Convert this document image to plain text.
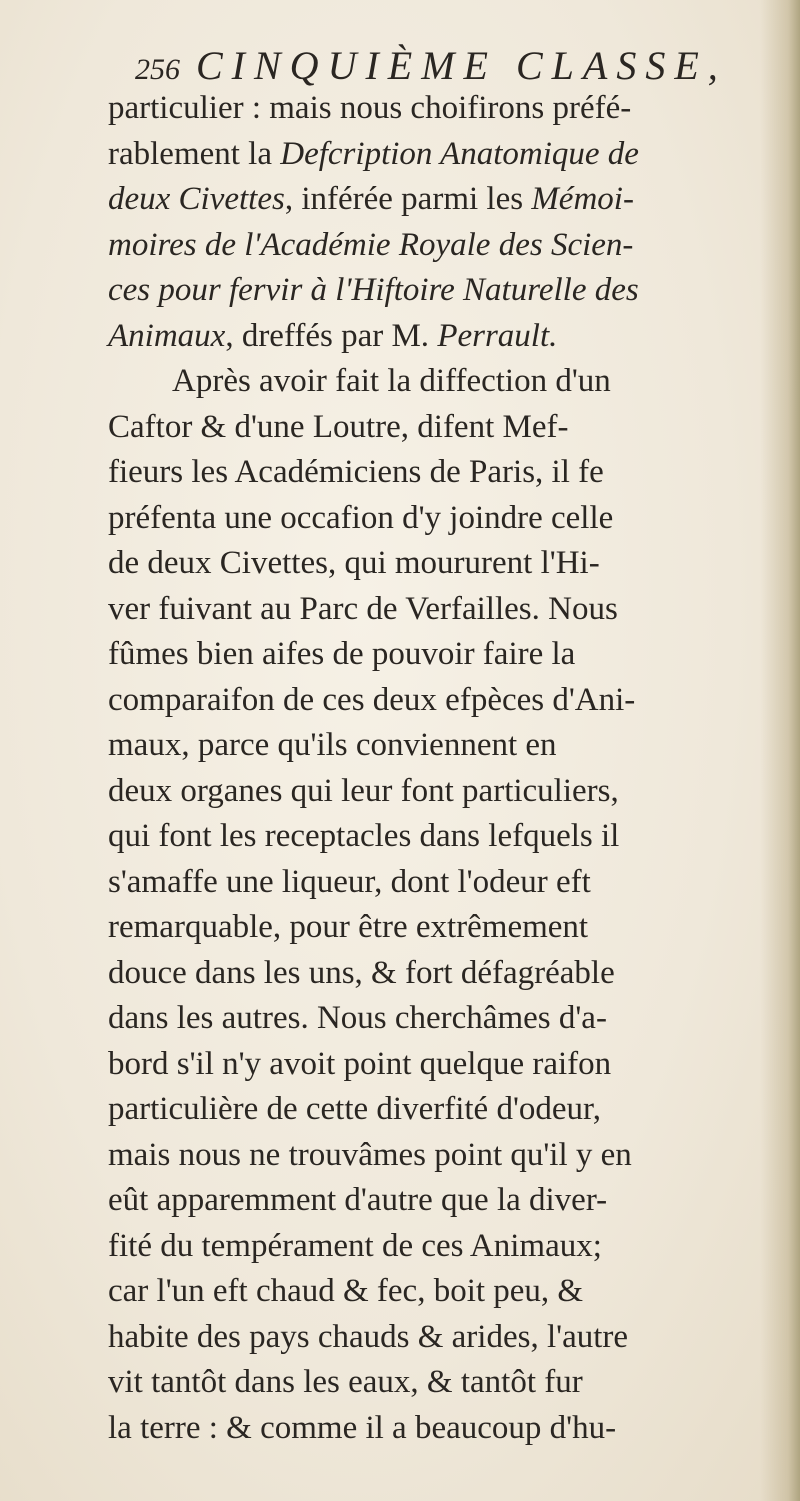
256 CINQUIÈME CLASSE,
particulier : mais nous choifirons préfé-
rablement la Defcription Anatomique de
deux Civettes, inférée parmi les Mémoi-
moires de l'Académie Royale des Scien-
ces pour fervir à l'Hiftoire Naturelle des
Animaux, dreffés par M. Perrault.
Après avoir fait la diffection d'un
Caftor & d'une Loutre, difent Mef-
fieurs les Académiciens de Paris, il fe
préfenta une occafion d'y joindre celle
de deux Civettes, qui moururent l'Hi-
ver fuivant au Parc de Verfailles. Nous
fûmes bien aifes de pouvoir faire la
comparaifon de ces deux efpèces d'Ani-
maux, parce qu'ils conviennent en
deux organes qui leur font particuliers,
qui font les receptacles dans lefquels il
s'amaffe une liqueur, dont l'odeur eft
remarquable, pour être extrêmement
douce dans les uns, & fort défagréable
dans les autres. Nous cherchâmes d'a-
bord s'il n'y avoit point quelque raifon
particulière de cette diverfité d'odeur,
mais nous ne trouvâmes point qu'il y en
eût apparemment d'autre que la diver-
fité du tempérament de ces Animaux;
car l'un eft chaud & fec, boit peu, &
habite des pays chauds & arides, l'autre
vit tantôt dans les eaux, & tantôt fur
la terre : & comme il a beaucoup d'hu-
